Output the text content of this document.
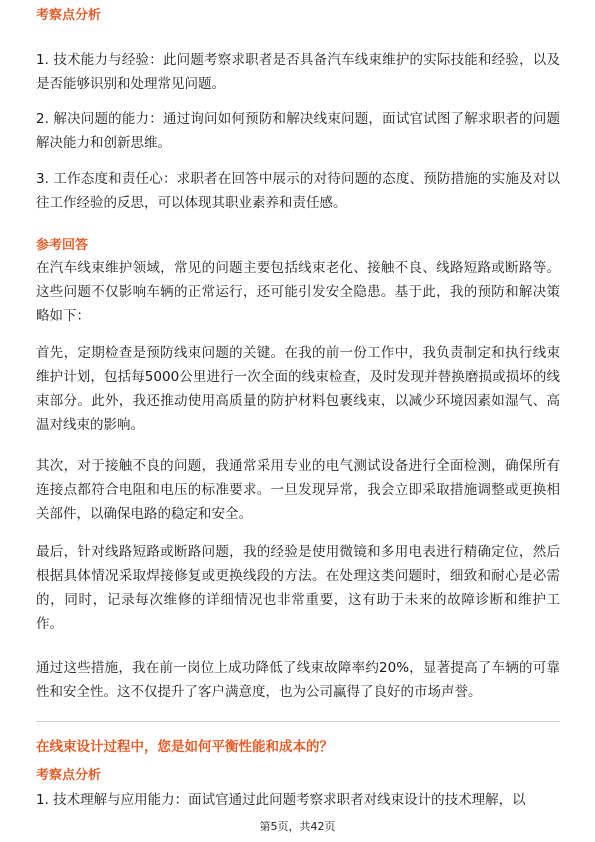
考察点分析

1. 技术能力与经验：此问题考察求职者是否具备汽车线束维护的实际技能和经验，以及是否能够识别和处理常见问题。

2. 解决问题的能力：通过询问如何预防和解决线束问题，面试官试图了解求职者的问题解决能力和创新思维。

3. 工作态度和责任心：求职者在回答中展示的对待问题的态度、预防措施的实施及对以往工作经验的反思，可以体现其职业素养和责任感。

参考回答

在汽车线束维护领域，常见的问题主要包括线束老化、接触不良、线路短路或断路等。这些问题不仅影响车辆的正常运行，还可能引发安全隐患。基于此，我的预防和解决策略如下：

首先，定期检查是预防线束问题的关键。在我的前一份工作中，我负责制定和执行线束维护计划，包括每5000公里进行一次全面的线束检查，及时发现并替换磨损或损坏的线束部分。此外，我还推动使用高质量的防护材料包裹线束，以减少环境因素如湿气、高温对线束的影响。

其次，对于接触不良的问题，我通常采用专业的电气测试设备进行全面检测，确保所有连接点都符合电阻和电压的标准要求。一旦发现异常，我会立即采取措施调整或更换相关部件，以确保电路的稳定和安全。

最后，针对线路短路或断路问题，我的经验是使用微镜和多用电表进行精确定位，然后根据具体情况采取焊接修复或更换线段的方法。在处理这类问题时，细致和耐心是必需的，同时，记录每次维修的详细情况也非常重要，这有助于未来的故障诊断和维护工作。

通过这些措施，我在前一岗位上成功降低了线束故障率约20%，显著提高了车辆的可靠性和安全性。这不仅提升了客户满意度，也为公司赢得了良好的市场声誉。

在线束设计过程中，您是如何平衡性能和成本的？
考察点分析

1. 技术理解与应用能力：面试官通过此问题考察求职者对线束设计的技术理解，以

第5页，共42页
